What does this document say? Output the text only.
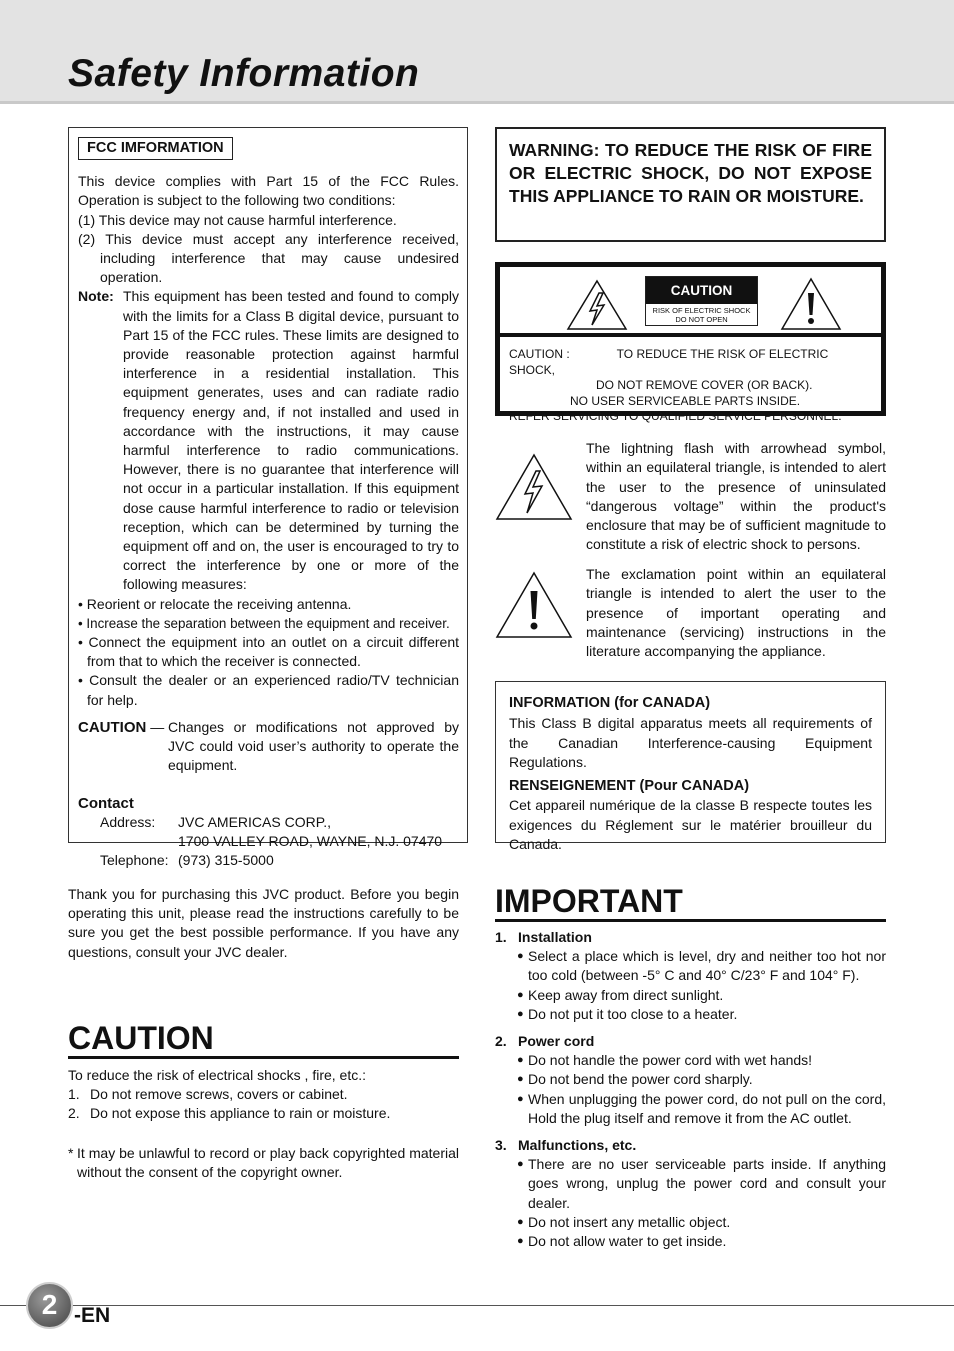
Safety Information
FCC IMFORMATION

This device complies with Part 15 of the FCC Rules. Operation is subject to the following two conditions:

(1) This device may not cause harmful interference.

(2) This device must accept any interference received, including interference that may cause undesired operation.

Note: This equipment has been tested and found to comply with the limits for a Class B digital device, pursuant to Part 15 of the FCC rules. These limits are designed to provide reasonable protection against harmful interference in a residential installation. This equipment generates, uses and can radiate radio frequency energy and, if not installed and used in accordance with the instructions, it may cause harmful interference to radio communications. However, there is no guarantee that interference will not occur in a particular installation. If this equipment dose cause harmful interference to radio or television reception, which can be determined by turning the equipment off and on, the user is encouraged to try to correct the interference by one or more of the following measures:

• Reorient or relocate the receiving antenna.

• Increase the separation between the equipment and receiver.

• Connect the equipment into an outlet on a circuit different from that to which the receiver is connected.

• Consult the dealer or an experienced radio/TV technician for help.

CAUTION — Changes or modifications not approved by JVC could void user’s authority to operate the equipment.
Contact
Address:	JVC AMERICAS CORP.,
1700 VALLEY ROAD, WAYNE, N.J. 07470
Telephone: (973) 315-5000
WARNING: TO REDUCE THE RISK OF FIRE OR ELECTRIC SHOCK, DO NOT EXPOSE THIS APPLIANCE TO RAIN OR MOISTURE.
CAUTION
RISK OF ELECTRIC SHOCK
DO NOT OPEN
CAUTION :	TO REDUCE THE RISK OF ELECTRIC SHOCK,
DO NOT REMOVE COVER (OR BACK).
NO USER SERVICEABLE PARTS INSIDE.
REFER SERVICING TO QUALIFIED SERVICE PERSONNEL.
The lightning flash with arrowhead symbol, within an equilateral triangle, is intended to alert the user to the presence of uninsulated “dangerous voltage” within the product's enclosure that may be of sufficient magnitude to constitute a risk of electric shock to persons.
The exclamation point within an equilateral triangle is intended to alert the user to the presence of important operating and maintenance (servicing) instructions in the literature accompanying the appliance.
INFORMATION (for CANADA)

This Class B digital apparatus meets all requirements of the Canadian Interference-causing Equipment Regulations.

RENSEIGNEMENT (Pour CANADA)

Cet appareil numérique de la classe B respecte toutes les exigences du Réglement sur le matérier brouilleur du Canada.

Thank you for purchasing this JVC product. Before you begin operating this unit, please read the instructions carefully to be sure you get the best possible performance. If you have any questions, consult your JVC dealer.

CAUTION

To reduce the risk of electrical shocks , fire, etc.:

1. Do not remove screws, covers or cabinet.
2. Do not expose this appliance to rain or moisture.
* It may be unlawful to record or play back copyrighted material without the consent of the copyright owner.
IMPORTANT
1. Installation
● Select a place which is level, dry and neither too hot nor too cold (between -5° C and 40° C/23° F and 104° F).
● Keep away from direct sunlight.
● Do not put it too close to a heater.
2. Power cord
● Do not handle the power cord with wet hands!
● Do not bend the power cord sharply.
● When unplugging the power cord, do not pull on the cord, Hold the plug itself and remove it from the AC outlet.
3. Malfunctions, etc.
● There are no user serviceable parts inside. If anything goes wrong, unplug the power cord and consult your dealer.
● Do not insert any metallic object.
● Do not allow water to get inside.
2 -EN
